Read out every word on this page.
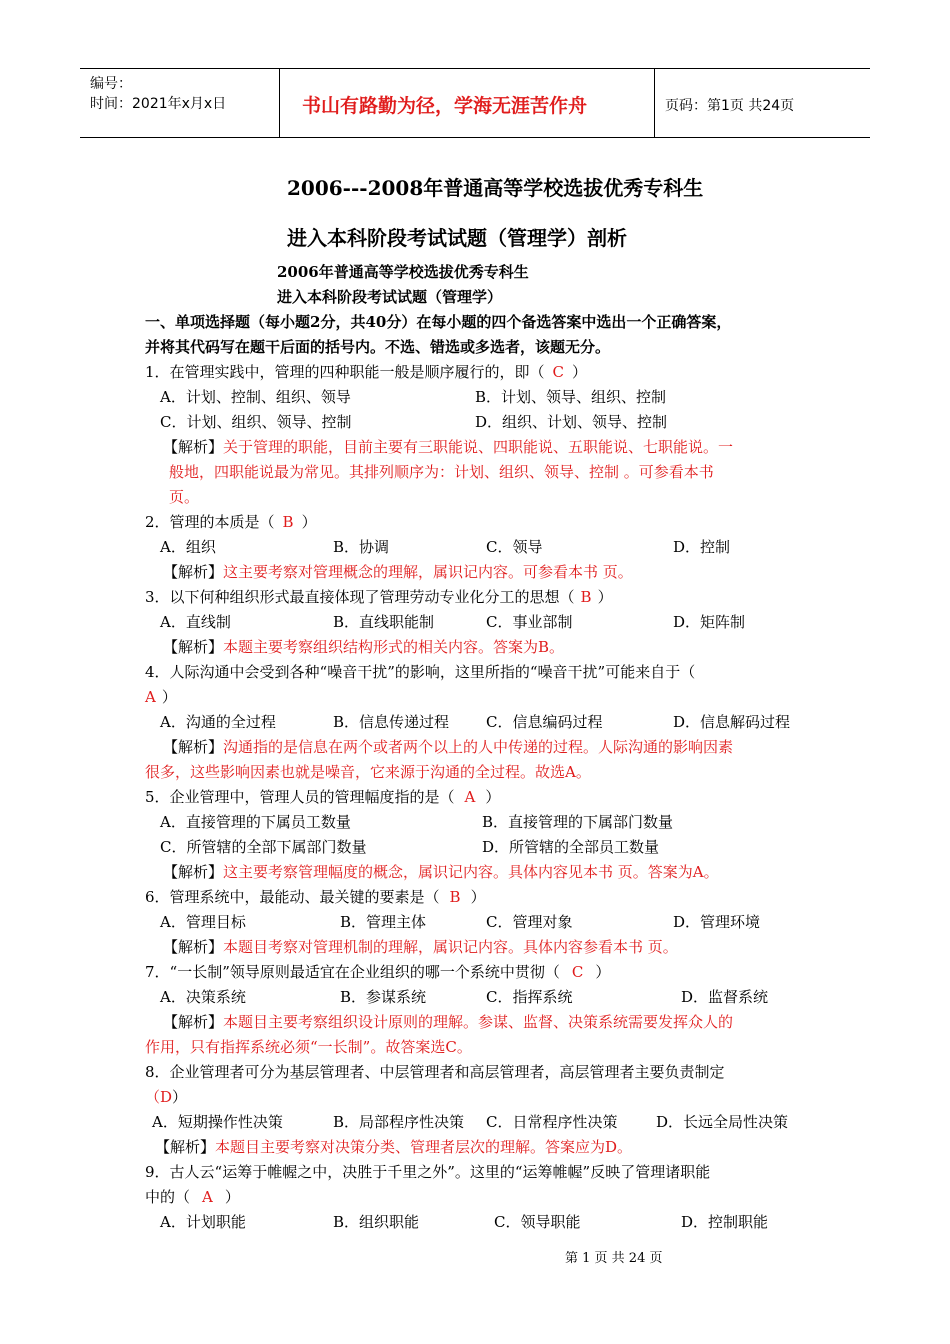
编号：
时间：2021年x月x日	书山有路勤为径，学海无涯苦作舟	页码：第1页 共24页
2006---2008年普通高等学校选拔优秀专科生
进入本科阶段考试试题（管理学）剖析
2006年普通高等学校选拔优秀专科生
进入本科阶段考试试题（管理学）
一、单项选择题（每小题2分，共40分）在每小题的四个备选答案中选出一个正确答案，
并将其代码写在题干后面的括号内。不选、错选或多选者，该题无分。
1．在管理实践中，管理的四种职能一般是顺序履行的，即（ C ）
A．计划、控制、组织、领导	B．计划、领导、组织、控制
C．计划、组织、领导、控制	D．组织、计划、领导、控制
【解析】关于管理的职能，目前主要有三职能说、四职能说、五职能说、七职能说。一
般地，四职能说最为常见。其排列顺序为：计划、组织、领导、控制 。可参看本书
页。
2．管理的本质是（ B ）
A．组织	B．协调	C．领导	D．控制
【解析】这主要考察对管理概念的理解，属识记内容。可参看本书 页。
3．以下何种组织形式最直接体现了管理劳动专业化分工的思想（ B ）
A．直线制	B．直线职能制	C．事业部制	D．矩阵制
【解析】本题主要考察组织结构形式的相关内容。答案为B。
4．人际沟通中会受到各种“噪音干扰”的影响，这里所指的“噪音干扰”可能来自于（
A ）
A．沟通的全过程	B．信息传递过程 C．信息编码过程	D．信息解码过程
【解析】沟通指的是信息在两个或者两个以上的人中传递的过程。人际沟通的影响因素
很多，这些影响因素也就是噪音，它来源于沟通的全过程。故选A。
5．企业管理中，管理人员的管理幅度指的是（ A ）
A．直接管理的下属员工数量	B．直接管理的下属部门数量
C．所管辖的全部下属部门数量	D．所管辖的全部员工数量
【解析】这主要考察管理幅度的概念，属识记内容。具体内容见本书 页。答案为A。
6．管理系统中，最能动、最关键的要素是（ B ）
A．管理目标	B．管理主体	C．管理对象	D．管理环境
【解析】本题目考察对管理机制的理解，属识记内容。具体内容参看本书 页。
7．“一长制”领导原则最适宜在企业组织的哪一个系统中贯彻（ C ）
A．决策系统	B．参谋系统	C．指挥系统	D．监督系统
【解析】本题目主要考察组织设计原则的理解。参谋、监督、决策系统需要发挥众人的
作用，只有指挥系统必须“一长制”。故答案选C。
8．企业管理者可分为基层管理者、中层管理者和高层管理者，高层管理者主要负责制定
（D）
A．短期操作性决策	B．局部程序性决策 C．日常程序性决策	D．长远全局性决策
【解析】本题目主要考察对决策分类、管理者层次的理解。答案应为D。
9．古人云“运筹于帷幄之中，决胜于千里之外”。这里的“运筹帷幄”反映了管理诸职能
中的（ A ）
A．计划职能	B．组织职能	C．领导职能	D．控制职能
第 1 页 共 24 页
